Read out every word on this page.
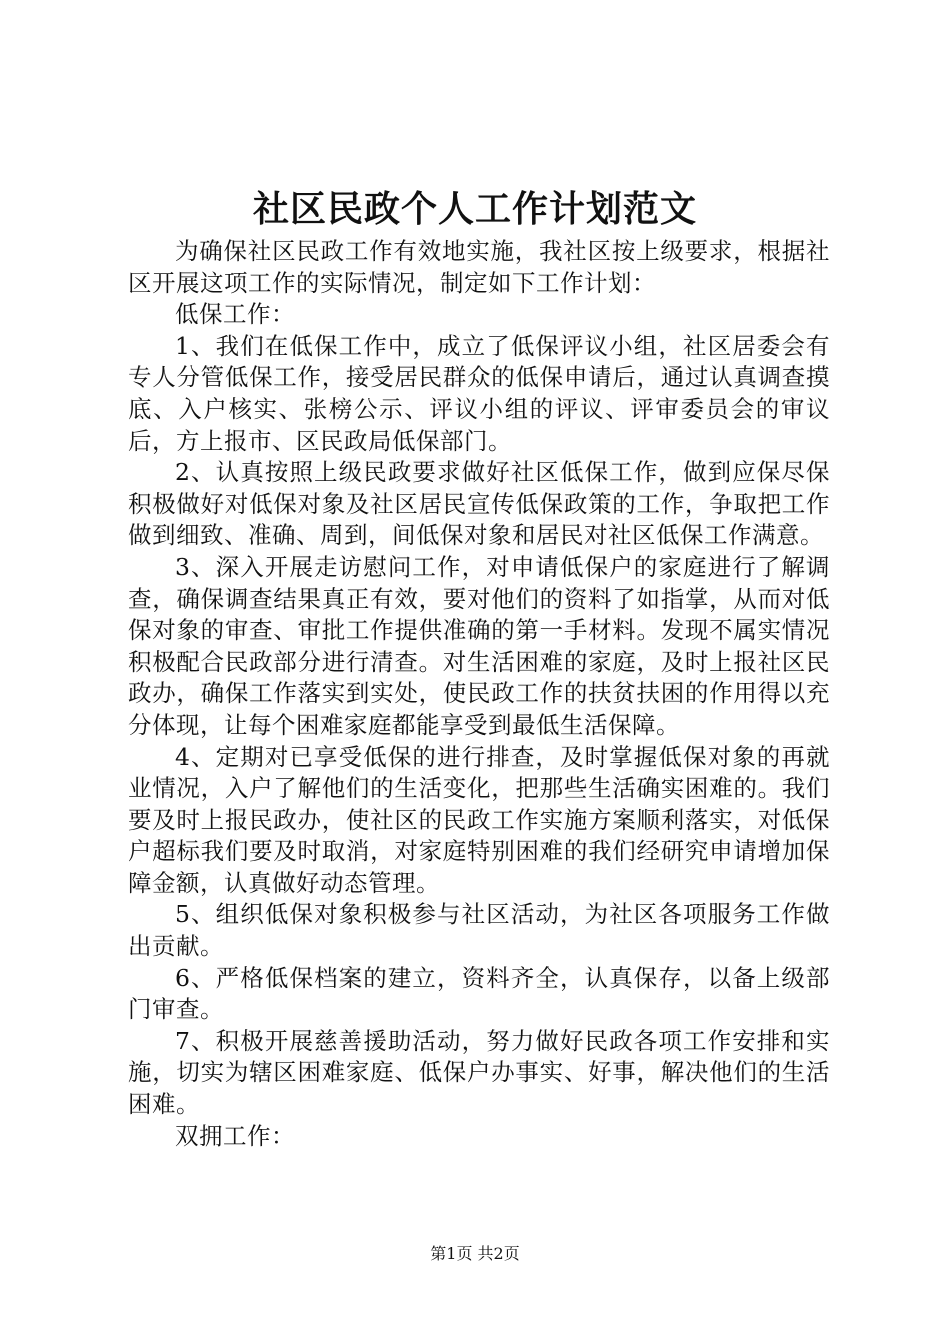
社区民政个人工作计划范文

为确保社区民政工作有效地实施，我社区按上级要求，根据社区开展这项工作的实际情况，制定如下工作计划：

低保工作：

1、我们在低保工作中，成立了低保评议小组，社区居委会有专人分管低保工作，接受居民群众的低保申请后，通过认真调查摸底、入户核实、张榜公示、评议小组的评议、评审委员会的审议后，方上报市、区民政局低保部门。

2、认真按照上级民政要求做好社区低保工作，做到应保尽保积极做好对低保对象及社区居民宣传低保政策的工作，争取把工作做到细致、准确、周到，间低保对象和居民对社区低保工作满意。

3、深入开展走访慰问工作，对申请低保户的家庭进行了解调查，确保调查结果真正有效，要对他们的资料了如指掌，从而对低保对象的审查、审批工作提供准确的第一手材料。发现不属实情况积极配合民政部分进行清查。对生活困难的家庭，及时上报社区民政办，确保工作落实到实处，使民政工作的扶贫扶困的作用得以充分体现，让每个困难家庭都能享受到最低生活保障。

4、定期对已享受低保的进行排查，及时掌握低保对象的再就业情况，入户了解他们的生活变化，把那些生活确实困难的。我们要及时上报民政办，使社区的民政工作实施方案顺利落实，对低保户超标我们要及时取消，对家庭特别困难的我们经研究申请增加保障金额，认真做好动态管理。

5、组织低保对象积极参与社区活动，为社区各项服务工作做出贡献。

6、严格低保档案的建立，资料齐全，认真保存，以备上级部门审查。

7、积极开展慈善援助活动，努力做好民政各项工作安排和实施，切实为辖区困难家庭、低保户办事实、好事，解决他们的生活困难。

双拥工作：

第1页 共2页
